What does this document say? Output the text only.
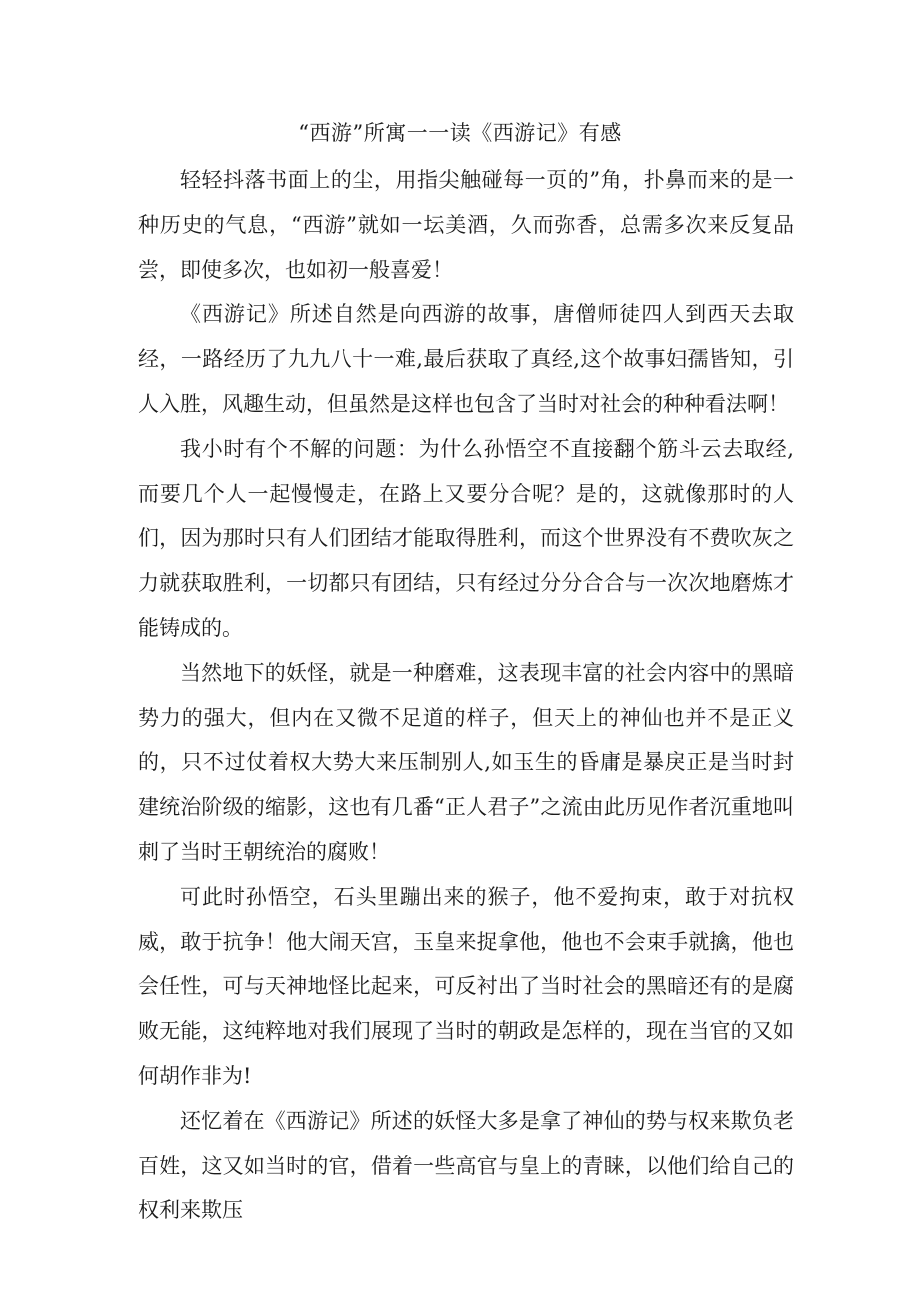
“西游”所寓一一读《西游记》有感

轻轻抖落书面上的尘，用指尖触碰每一页的”角，扑鼻而来的是一种历史的气息，“西游”就如一坛美酒，久而弥香，总需多次来反复品尝，即使多次，也如初一般喜爱！

《西游记》所述自然是向西游的故事，唐僧师徒四人到西天去取经，一路经历了九九八十一难,最后获取了真经,这个故事妇孺皆知，引人入胜，风趣生动，但虽然是这样也包含了当时对社会的种种看法啊！

我小时有个不解的问题：为什么孙悟空不直接翻个筋斗云去取经,而要几个人一起慢慢走，在路上又要分合呢？是的，这就像那时的人们，因为那时只有人们团结才能取得胜利，而这个世界没有不费吹灰之力就获取胜利，一切都只有团结，只有经过分分合合与一次次地磨炼才能铸成的。

当然地下的妖怪，就是一种磨难，这表现丰富的社会内容中的黑暗势力的强大，但内在又微不足道的样子，但天上的神仙也并不是正义的，只不过仗着权大势大来压制别人,如玉生的昏庸是暴戾正是当时封建统治阶级的缩影，这也有几番“正人君子”之流由此历见作者沉重地叫刺了当时王朝统治的腐败！

可此时孙悟空，石头里蹦出来的猴子，他不爱拘束，敢于对抗权威，敢于抗争！他大闹天宫，玉皇来捉拿他，他也不会束手就擒，他也会任性，可与天神地怪比起来，可反衬出了当时社会的黑暗还有的是腐败无能，这纯粹地对我们展现了当时的朝政是怎样的，现在当官的又如何胡作非为!

还忆着在《西游记》所述的妖怪大多是拿了神仙的势与权来欺负老百姓，这又如当时的官，借着一些高官与皇上的青睐，以他们给自己的权利来欺压
